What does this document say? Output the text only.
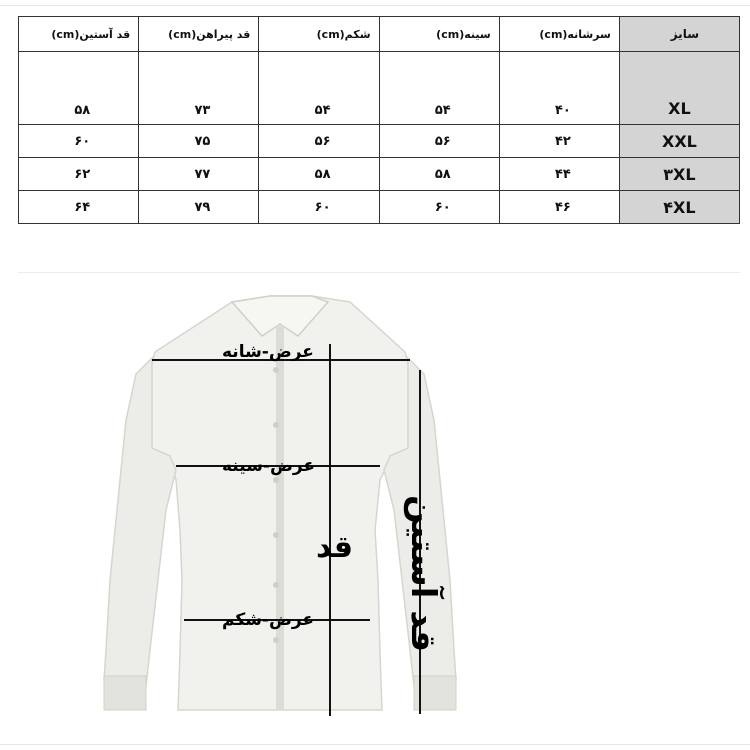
سایز	سرشانه(cm)	سینه(cm)	شکم(cm)	قد پیراهن(cm)	قد آستین(cm)
XL	۴۰	۵۴	۵۴	۷۳	۵۸
XXL	۴۲	۵۶	۵۶	۷۵	۶۰
۳XL	۴۴	۵۸	۵۸	۷۷	۶۲
۴XL	۴۶	۶۰	۶۰	۷۹	۶۴
عرض-شانه
عرض-سینه
عرض-شکم
قد قد آستین
